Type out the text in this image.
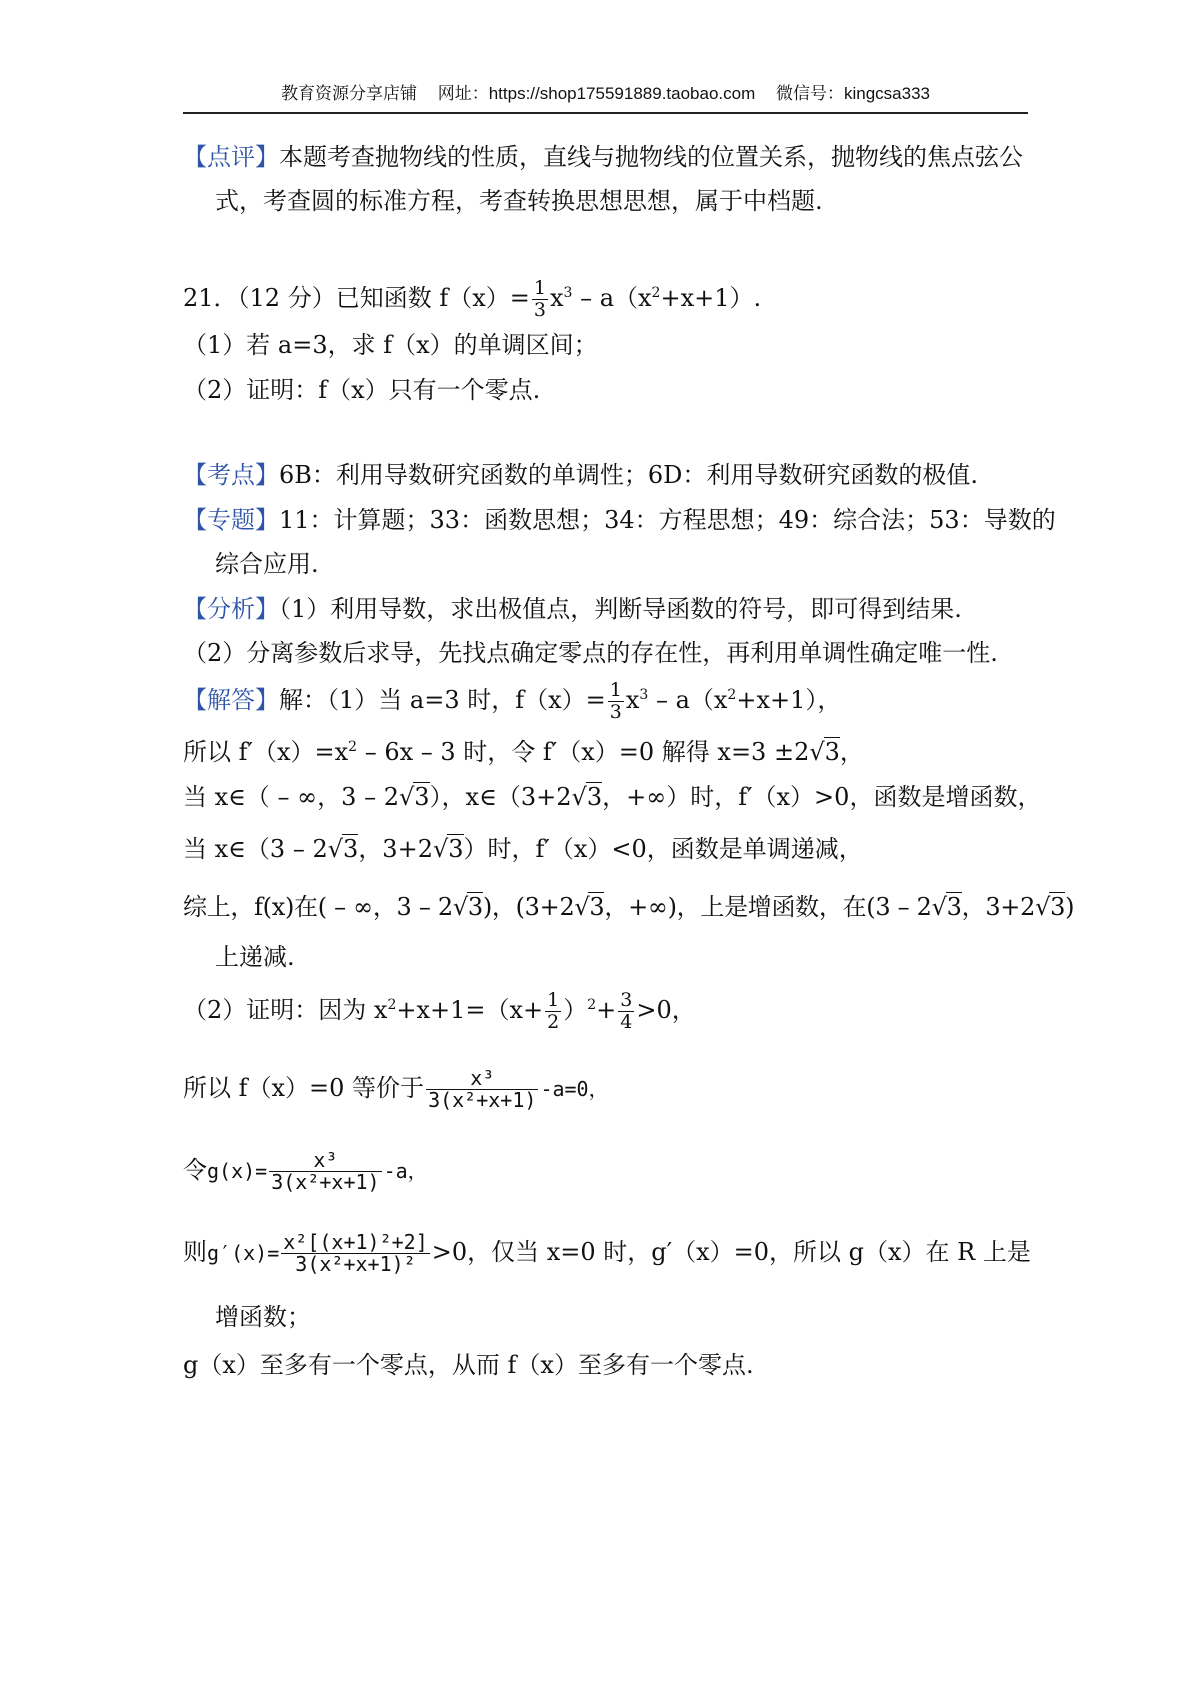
教育资源分享店铺 网址：https://shop175591889.taobao.com 微信号：kingcsa333
【点评】本题考查抛物线的性质，直线与抛物线的位置关系，抛物线的焦点弦公
式，考查圆的标准方程，考查转换思想思想，属于中档题.
21．（12 分）已知函数 $f(x)= \frac{1}{3} x^3 - a(x^2+x+1)$.
（1）若 a=3，求 f（x）的单调区间；
（2）证明：f（x）只有一个零点.
【考点】6B：利用导数研究函数的单调性；6D：利用导数研究函数的极值.
【专题】11：计算题；33：函数思想；34：方程思想；49：综合法；53：导数的
综合应用.
【分析】（1）利用导数，求出极值点，判断导函数的符号，即可得到结果.
（2）分离参数后求导，先找点确定零点的存在性，再利用单调性确定唯一性.
【解答】解：（1）当 a=3 时，$f(x)= \frac{1}{3} x^3 - a(x^2+x+1)$，
所以 $f'(x)=x^2 - 6x - 3$ 时，令 f′（x）=0 解得 x=3 ±2√3，
当 x∈（ – ∞，3 – 2√3），x∈（3+2√3，+∞）时，f′（x）>0，函数是增函数，
当 x∈（3 – 2√3，3+2√3）时，f′（x）<0，函数是单调递减，
综上，f(x)在( – ∞，3 – 2√3)，(3+2√3，+∞)，上是增函数，在(3 – 2√3，3+2√3)
上递减.
（2）证明：因为 $x^2+x+1=(x+ \frac{1}{2} )^2+ \frac{3}{4} >0$，
所以 f（x）=0 等价于 $\frac{\text{x³}}{\text{3(x²+x+1)}} -a=0$，
令$g(x)= \frac{\text{x³}}{\text{3(x²+x+1)}} -a$，
则$g'(x)= \frac{\text{x²[(x+1)²+2]}}{\text{3(x²+x+1)²}} >0$，仅当 x=0 时，g′（x）=0，所以 g（x）在 R 上是
增函数；
g（x）至多有一个零点，从而 f（x）至多有一个零点.
